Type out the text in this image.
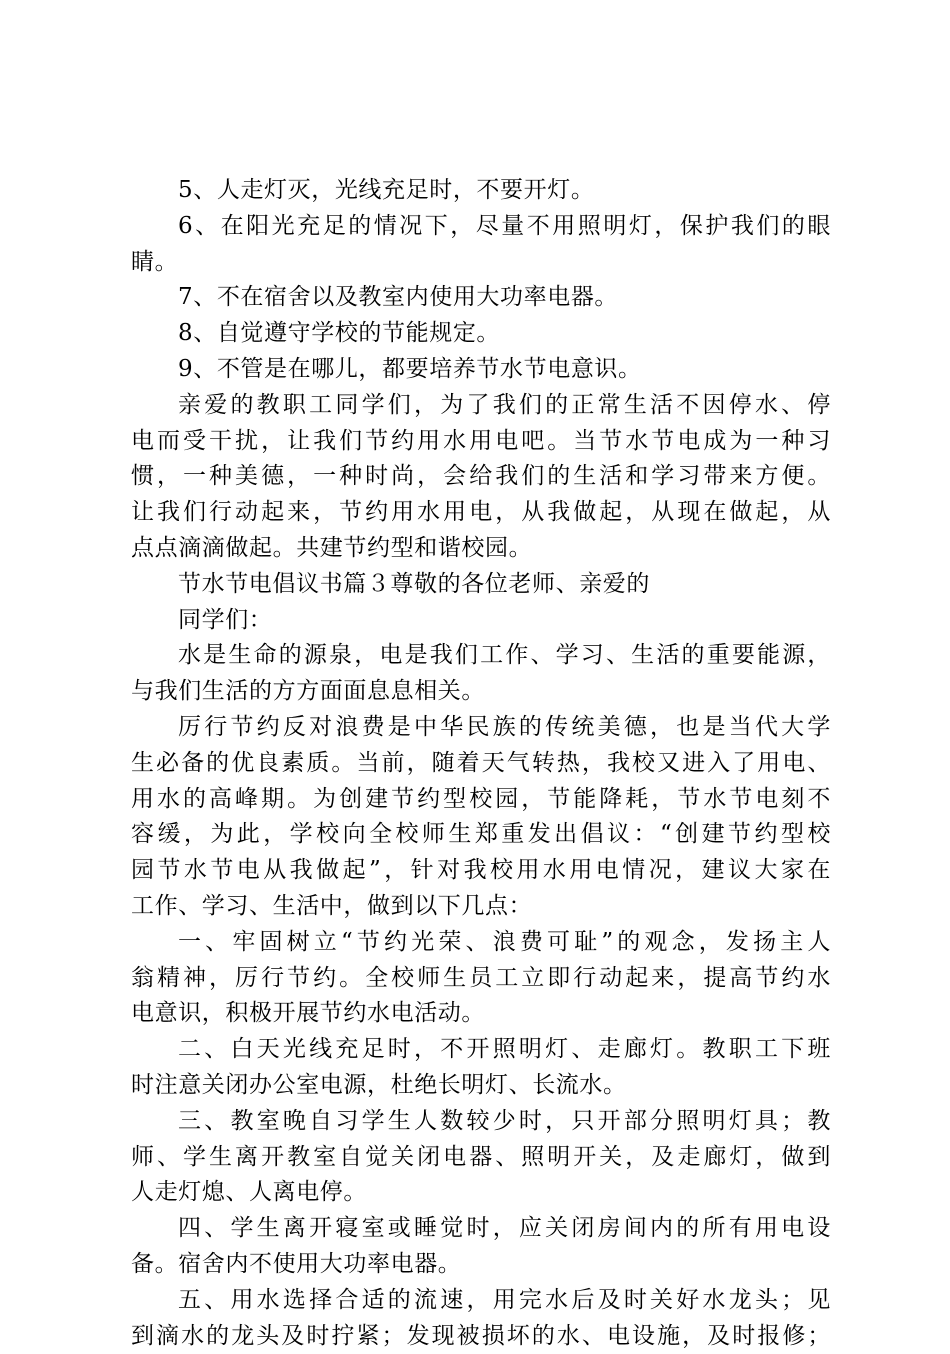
5、人走灯灭，光线充足时，不要开灯。
6、在阳光充足的情况下，尽量不用照明灯，保护我们的眼
睛。
7、不在宿舍以及教室内使用大功率电器。
8、自觉遵守学校的节能规定。
9、不管是在哪儿，都要培养节水节电意识。
亲爱的教职工同学们，为了我们的正常生活不因停水、停
电而受干扰，让我们节约用水用电吧。当节水节电成为一种习
惯，一种美德，一种时尚，会给我们的生活和学习带来方便。
让我们行动起来，节约用水用电，从我做起，从现在做起，从
点点滴滴做起。共建节约型和谐校园。
节水节电倡议书篇３尊敬的各位老师、亲爱的
同学们：
水是生命的源泉，电是我们工作、学习、生活的重要能源，
与我们生活的方方面面息息相关。
厉行节约反对浪费是中华民族的传统美德，也是当代大学
生必备的优良素质。当前，随着天气转热，我校又进入了用电、
用水的高峰期。为创建节约型校园，节能降耗，节水节电刻不
容缓，为此，学校向全校师生郑重发出倡议：“创建节约型校
园节水节电从我做起”，针对我校用水用电情况，建议大家在
工作、学习、生活中，做到以下几点：
一、牢固树立“节约光荣、浪费可耻”的观念，发扬主人
翁精神，厉行节约。全校师生员工立即行动起来，提高节约水
电意识，积极开展节约水电活动。
二、白天光线充足时，不开照明灯、走廊灯。教职工下班
时注意关闭办公室电源，杜绝长明灯、长流水。
三、教室晚自习学生人数较少时，只开部分照明灯具；教
师、学生离开教室自觉关闭电器、照明开关，及走廊灯，做到
人走灯熄、人离电停。
四、学生离开寝室或睡觉时，应关闭房间内的所有用电设
备。宿舍内不使用大功率电器。
五、用水选择合适的流速，用完水后及时关好水龙头；见
到滴水的龙头及时拧紧；发现被损坏的水、电设施，及时报修；
